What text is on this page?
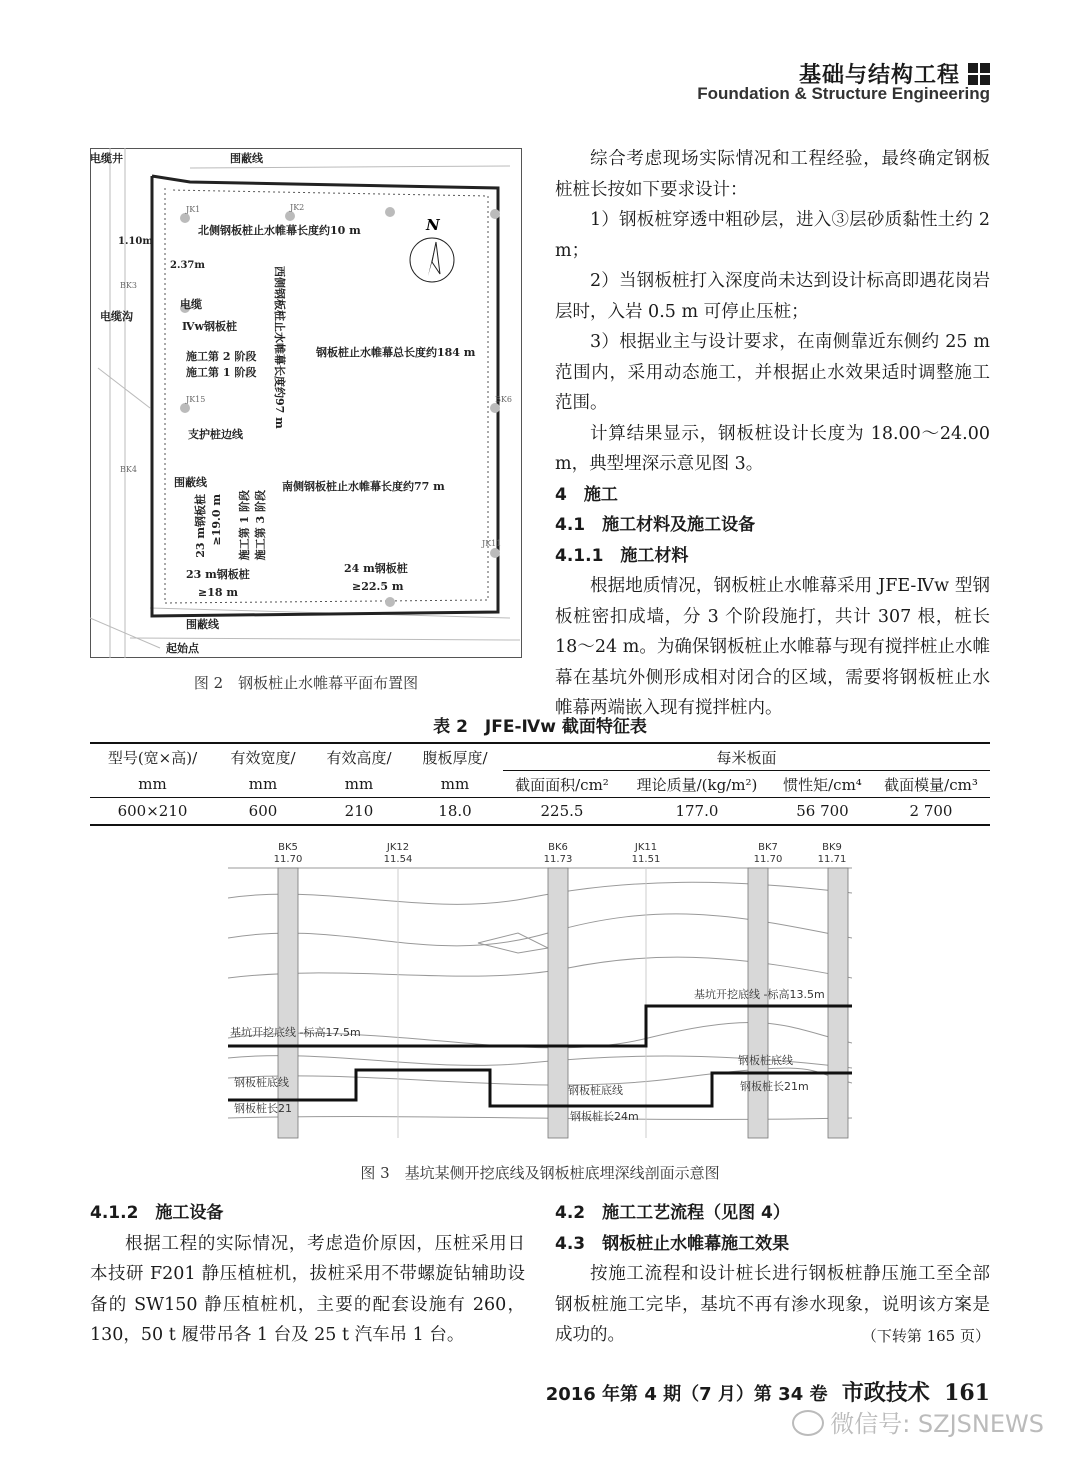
基础与结构工程
Foundation & Structure Engineering
N
电缆井	围蔽线
北侧钢板桩止水帷幕长度约10 m
1.10m
2.37m
电缆
电缆沟
Ⅳw钢板桩
施工第 2 阶段
施工第 1 阶段
支护桩边线
钢板桩止水帷幕总长度约184 m
南侧钢板桩止水帷幕长度约77 m
围蔽线
23 m钢板桩
≥18 m
24 m钢板桩
≥22.5 m
围蔽线
起始点
西侧钢板桩止水帷幕长度约97 m
23 m钢板桩 ≥19.0 m 施工第 1 阶段 施工第 3 阶段
JK1	JK2
JK15
BK3
BK4
BK6
JK11
图 2　钢板桩止水帷幕平面布置图

综合考虑现场实际情况和工程经验，最终确定钢板桩桩长按如下要求设计：

1）钢板桩穿透中粗砂层，进入③层砂质黏性土约 2 m；

2）当钢板桩打入深度尚未达到设计标高即遇花岗岩层时，入岩 0.5 m 可停止压桩；

3）根据业主与设计要求，在南侧靠近东侧约 25 m 范围内，采用动态施工，并根据止水效果适时调整施工范围。

计算结果显示，钢板桩设计长度为 18.00～24.00 m，典型埋深示意见图 3。

4　施工

4.1　施工材料及施工设备

4.1.1　施工材料

根据地质情况，钢板桩止水帷幕采用 JFE-Ⅳw 型钢板桩密扣成墙，分 3 个阶段施打，共计 307 根，桩长 18～24 m。为确保钢板桩止水帷幕与现有搅拌桩止水帷幕在基坑外侧形成相对闭合的区域，需要将钢板桩止水帷幕两端嵌入现有搅拌桩内。

表 2　JFE-Ⅳw 截面特征表
型号(宽×高)/	有效宽度/	有效高度/	腹板厚度/	每米板面			
mm	mm	mm	mm	截面面积/cm²	理论质量/(kg/m²)	惯性矩/cm⁴	截面模量/cm³
600×210	600	210	18.0	225.5	177.0	56 700	2 700
BK5
11.70
JK12
11.54
BK6
11.73
JK11
11.51
BK7
11.70
BK9
11.71
基坑开挖底线 -标高17.5m
基坑开挖底线 -标高13.5m
钢板桩底线
钢板桩长21
钢板桩底线
钢板桩长24m
钢板桩底线
钢板桩长21m
图 3　基坑某侧开挖底线及钢板桩底埋深线剖面示意图

4.1.2　施工设备

根据工程的实际情况，考虑造价原因，压桩采用日本技研 F201 静压植桩机，拔桩采用不带螺旋钻辅助设备的 SW150 静压植桩机，主要的配套设施有 260，130，50 t 履带吊各 1 台及 25 t 汽车吊 1 台。

4.2　施工工艺流程（见图 4）

4.3　钢板桩止水帷幕施工效果

按施工流程和设计桩长进行钢板桩静压施工至全部钢板桩施工完毕，基坑不再有渗水现象，说明该方案是成功的。	（下转第 165 页）
2016 年第 4 期（7 月）第 34 卷 市政技术 161
微信号: SZJSNEWS
